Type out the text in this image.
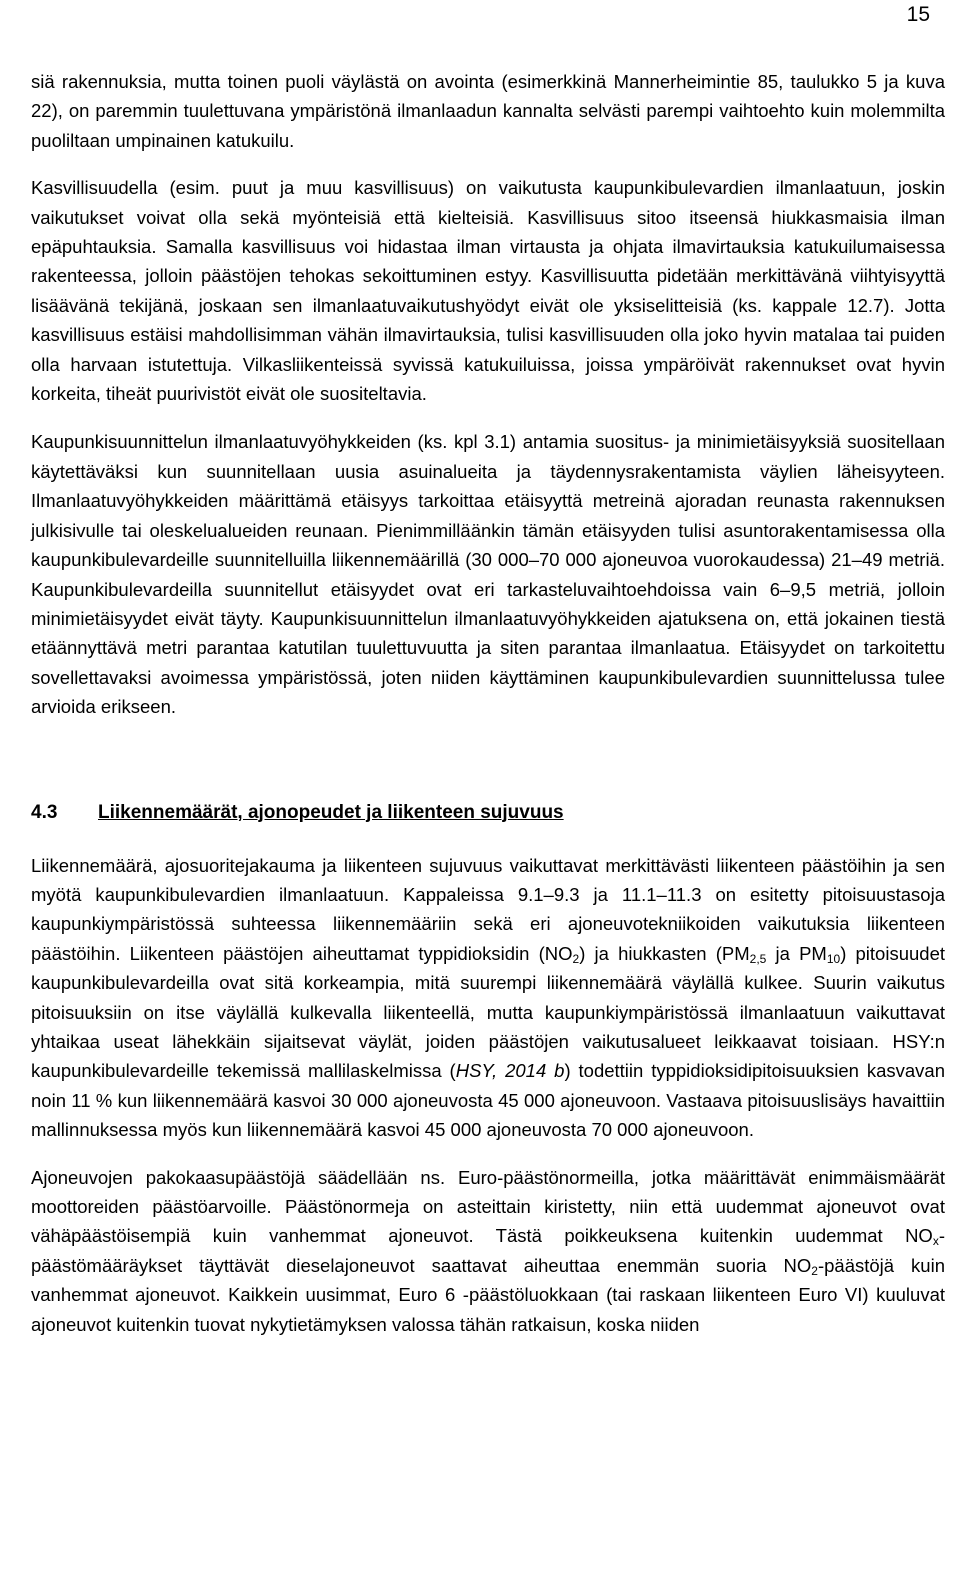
15

siä rakennuksia, mutta toinen puoli väylästä on avointa (esimerkkinä Mannerheimintie 85, taulukko 5 ja kuva 22), on paremmin tuulettuvana ympäristönä ilmanlaadun kannalta selvästi parempi vaihtoehto kuin molemmilta puoliltaan umpinainen katukuilu.

Kasvillisuudella (esim. puut ja muu kasvillisuus) on vaikutusta kaupunkibulevardien ilmanlaatuun, joskin vaikutukset voivat olla sekä myönteisiä että kielteisiä. Kasvillisuus sitoo itseensä hiukkasmaisia ilman epäpuhtauksia. Samalla kasvillisuus voi hidastaa ilman virtausta ja ohjata ilmavirtauksia katukuilumaisessa rakenteessa, jolloin päästöjen tehokas sekoittuminen estyy. Kasvillisuutta pidetään merkittävänä viihtyisyyttä lisäävänä tekijänä, joskaan sen ilmanlaatuvaikutushyödyt eivät ole yksiselitteisiä (ks. kappale 12.7). Jotta kasvillisuus estäisi mahdollisimman vähän ilmavirtauksia, tulisi kasvillisuuden olla joko hyvin matalaa tai puiden olla harvaan istutettuja. Vilkasliikenteissä syvissä katukuiluissa, joissa ympäröivät rakennukset ovat hyvin korkeita, tiheät puurivistöt eivät ole suositeltavia.

Kaupunkisuunnittelun ilmanlaatuvyöhykkeiden (ks. kpl 3.1) antamia suositus- ja minimietäisyyksiä suositellaan käytettäväksi kun suunnitellaan uusia asuinalueita ja täydennysrakentamista väylien läheisyyteen. Ilmanlaatuvyöhykkeiden määrittämä etäisyys tarkoittaa etäisyyttä metreinä ajoradan reunasta rakennuksen julkisivulle tai oleskelualueiden reunaan. Pienimmilläänkin tämän etäisyyden tulisi asuntorakentamisessa olla kaupunkibulevardeille suunnitelluilla liikennemäärillä (30 000–70 000 ajoneuvoa vuorokaudessa) 21–49 metriä. Kaupunkibulevardeilla suunnitellut etäisyydet ovat eri tarkasteluvaihtoehdoissa vain 6–9,5 metriä, jolloin minimietäisyydet eivät täyty. Kaupunkisuunnittelun ilmanlaatuvyöhykkeiden ajatuksena on, että jokainen tiestä etäännyttävä metri parantaa katutilan tuulettuvuutta ja siten parantaa ilmanlaatua. Etäisyydet on tarkoitettu sovellettavaksi avoimessa ympäristössä, joten niiden käyttäminen kaupunkibulevardien suunnittelussa tulee arvioida erikseen.

4.3 Liikennemäärät, ajonopeudet ja liikenteen sujuvuus

Liikennemäärä, ajosuoritejakauma ja liikenteen sujuvuus vaikuttavat merkittävästi liikenteen päästöihin ja sen myötä kaupunkibulevardien ilmanlaatuun. Kappaleissa 9.1–9.3 ja 11.1–11.3 on esitetty pitoisuustasoja kaupunkiympäristössä suhteessa liikennemääriin sekä eri ajoneuvotekniikoiden vaikutuksia liikenteen päästöihin. Liikenteen päästöjen aiheuttamat typpidioksidin $(NO_2)$ ja hiukkasten ($PM_{2,5}$ ja $PM_{10}$) pitoisuudet kaupunkibulevardeilla ovat sitä korkeampia, mitä suurempi liikennemäärä väylällä kulkee. Suurin vaikutus pitoisuuksiin on itse väylällä kulkevalla liikenteellä, mutta kaupunkiympäristössä ilmanlaatuun vaikuttavat yhtaikaa useat lähekkäin sijaitsevat väylät, joiden päästöjen vaikutusalueet leikkaavat toisiaan. HSY:n kaupunkibulevardeille tekemissä mallilaskelmissa (HSY, 2014 b) todettiin typpidioksidipitoisuuksien kasvavan noin 11 % kun liikennemäärä kasvoi 30 000 ajoneuvosta 45 000 ajoneuvoon. Vastaava pitoisuuslisäys havaittiin mallinnuksessa myös kun liikennemäärä kasvoi 45 000 ajoneuvosta 70 000 ajoneuvoon.

Ajoneuvojen pakokaasupäästöjä säädellään ns. Euro-päästönormeilla, jotka määrittävät enimmäismäärät moottoreiden päästöarvoille. Päästönormeja on asteittain kiristetty, niin että uudemmat ajoneuvot ovat vähäpäästöisempiä kuin vanhemmat ajoneuvot. Tästä poikkeuksena kuitenkin uudemmat $NO_x$-päästömääräykset täyttävät dieselajoneuvot saattavat aiheuttaa enemmän suoria $NO_2$-päästöjä kuin vanhemmat ajoneuvot. Kaikkein uusimmat, Euro 6 -päästöluokkaan (tai raskaan liikenteen Euro VI) kuuluvat ajoneuvot kuitenkin tuovat nykytietämyksen valossa tähän ratkaisun, koska niiden
